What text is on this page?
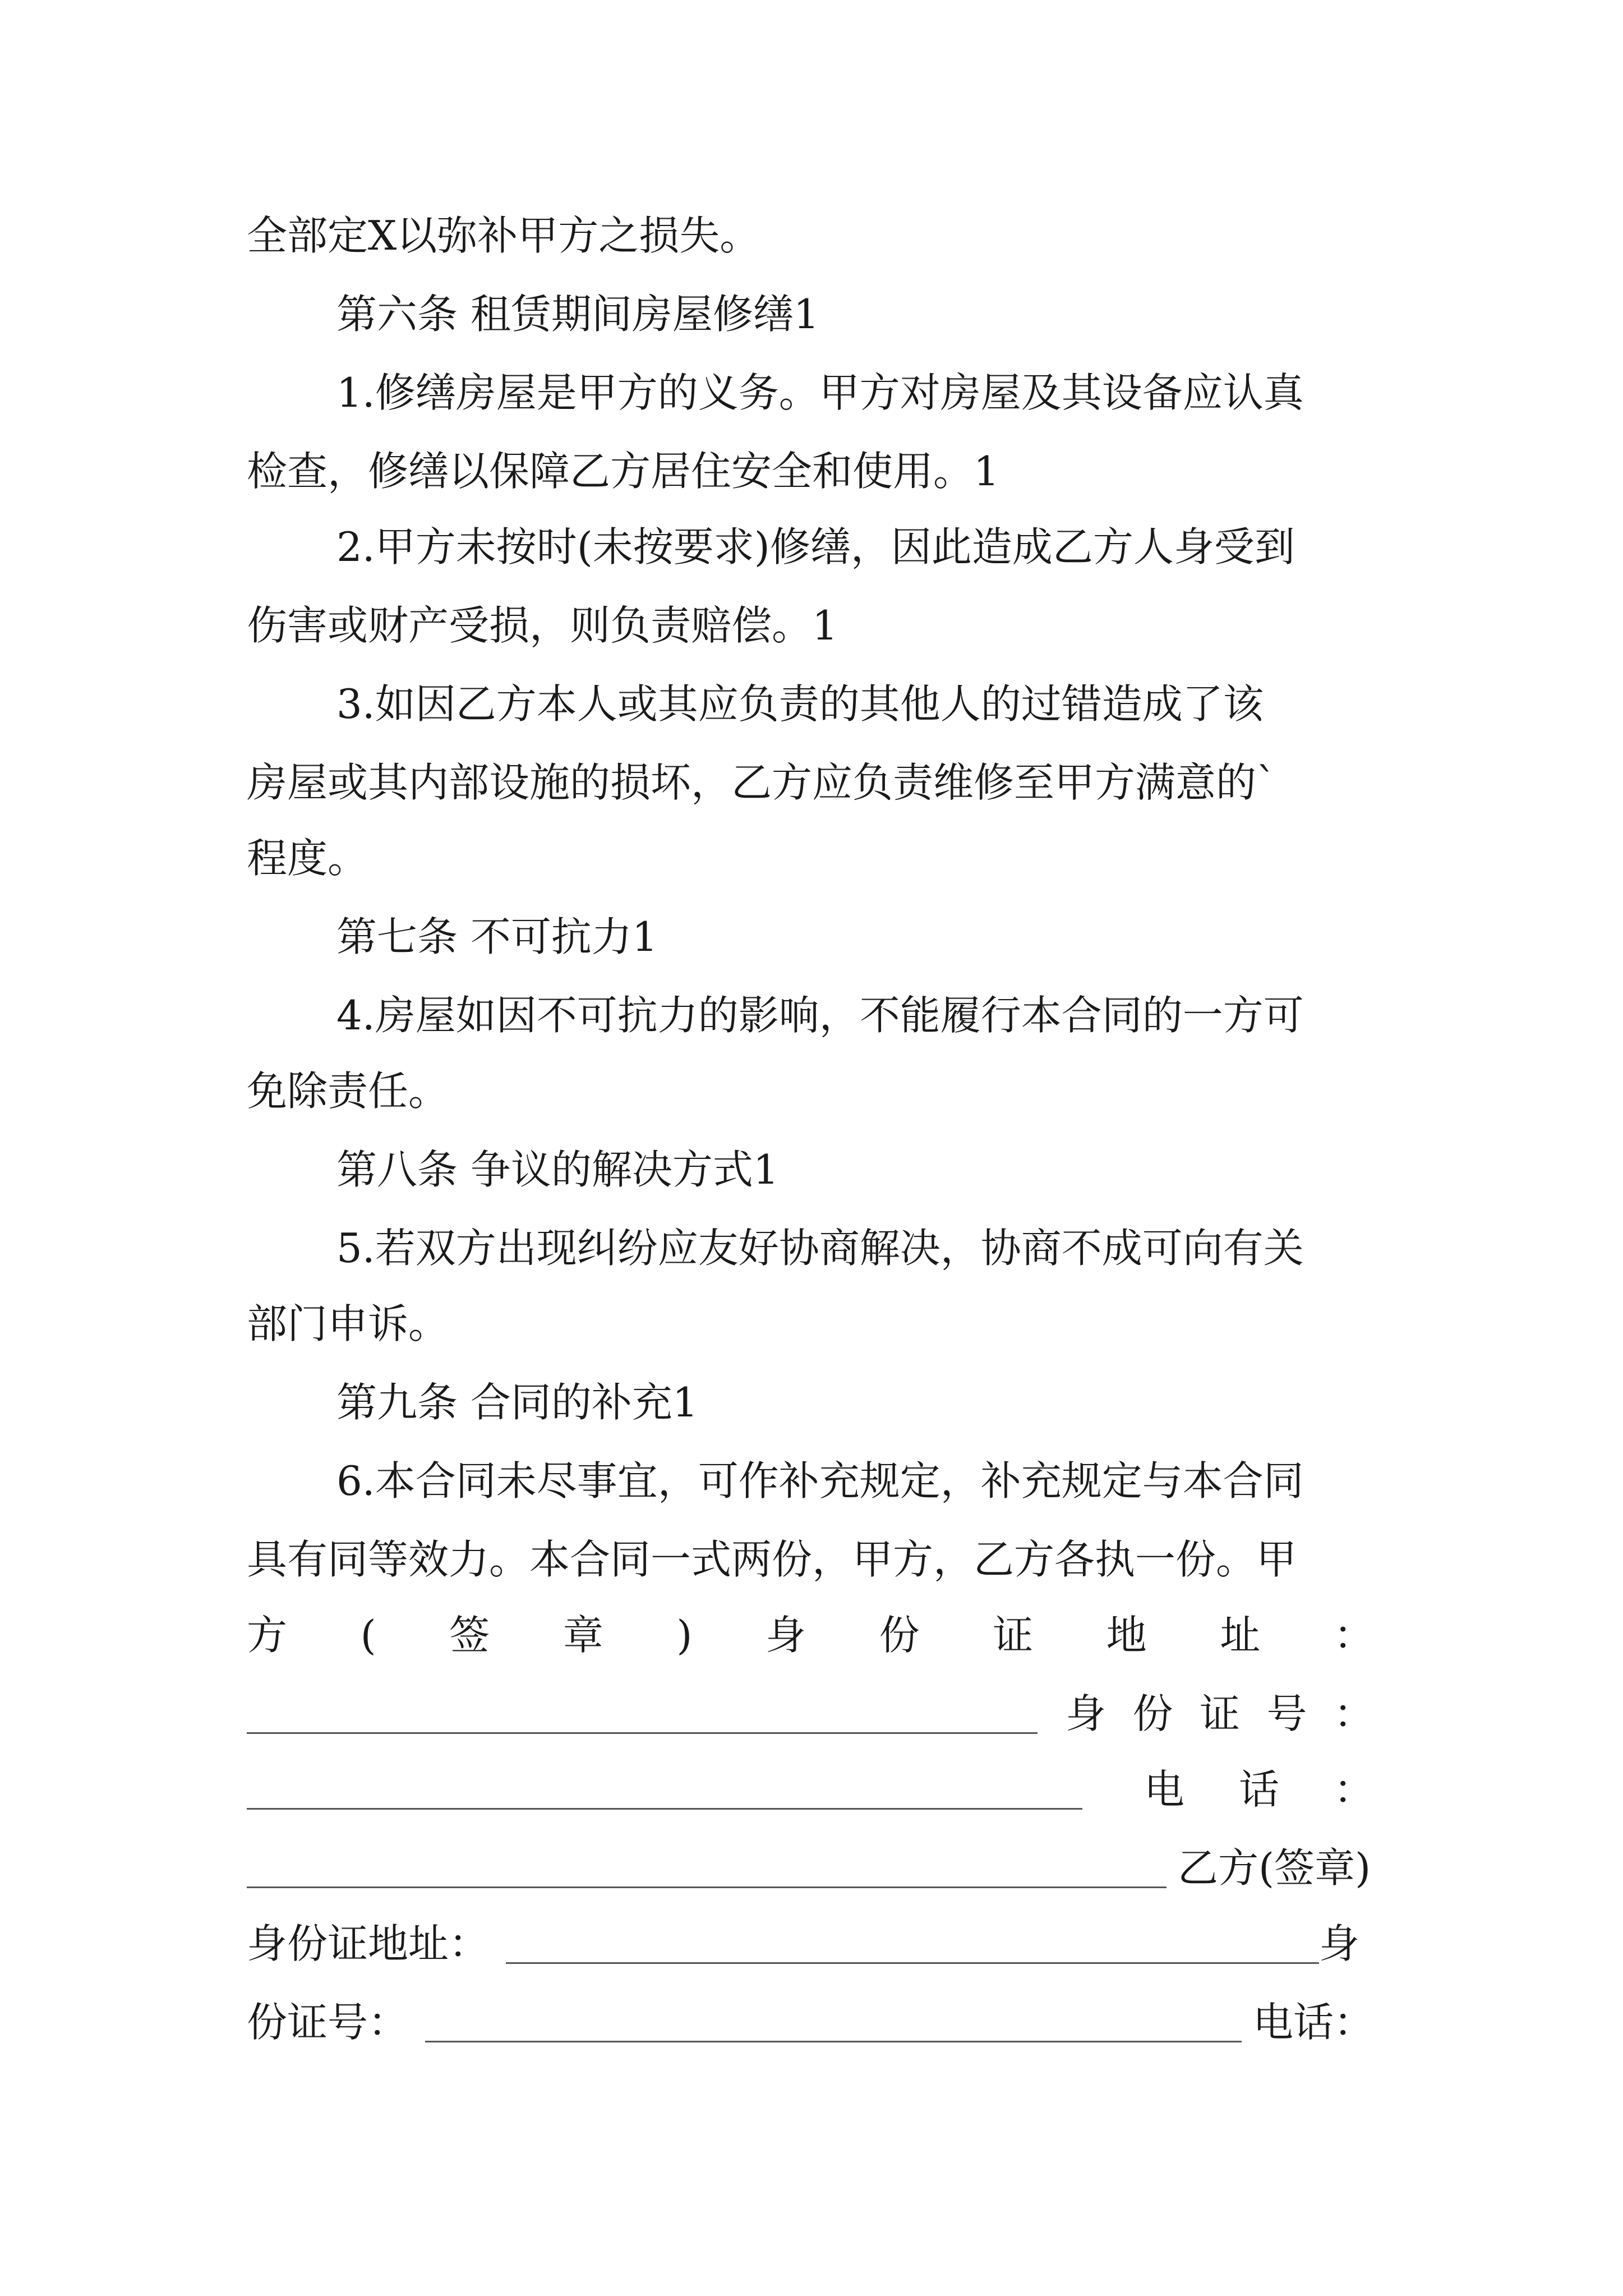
全部定X以弥补甲方之损失。
第六条 租赁期间房屋修缮1
1.修缮房屋是甲方的义务。甲方对房屋及其设备应认真
检查，修缮以保障乙方居住安全和使用。1
2.甲方未按时(未按要求)修缮，因此造成乙方人身受到
伤害或财产受损，则负责赔偿。1
3.如因乙方本人或其应负责的其他人的过错造成了该
房屋或其内部设施的损坏，乙方应负责维修至甲方满意的`
程度。
第七条 不可抗力1
4.房屋如因不可抗力的影响，不能履行本合同的一方可
免除责任。
第八条 争议的解决方式1
5.若双方出现纠纷应友好协商解决，协商不成可向有关
部门申诉。
第九条 合同的补充1
6.本合同未尽事宜，可作补充规定，补充规定与本合同
具有同等效力。本合同一式两份，甲方，乙方各执一份。甲
方 ( 签 章 ) 身 份 证 地 址 ：
身 份 证 号 ：
电 话 ：
乙方(签章)
身份证地址：	身
份证号：	电话：
